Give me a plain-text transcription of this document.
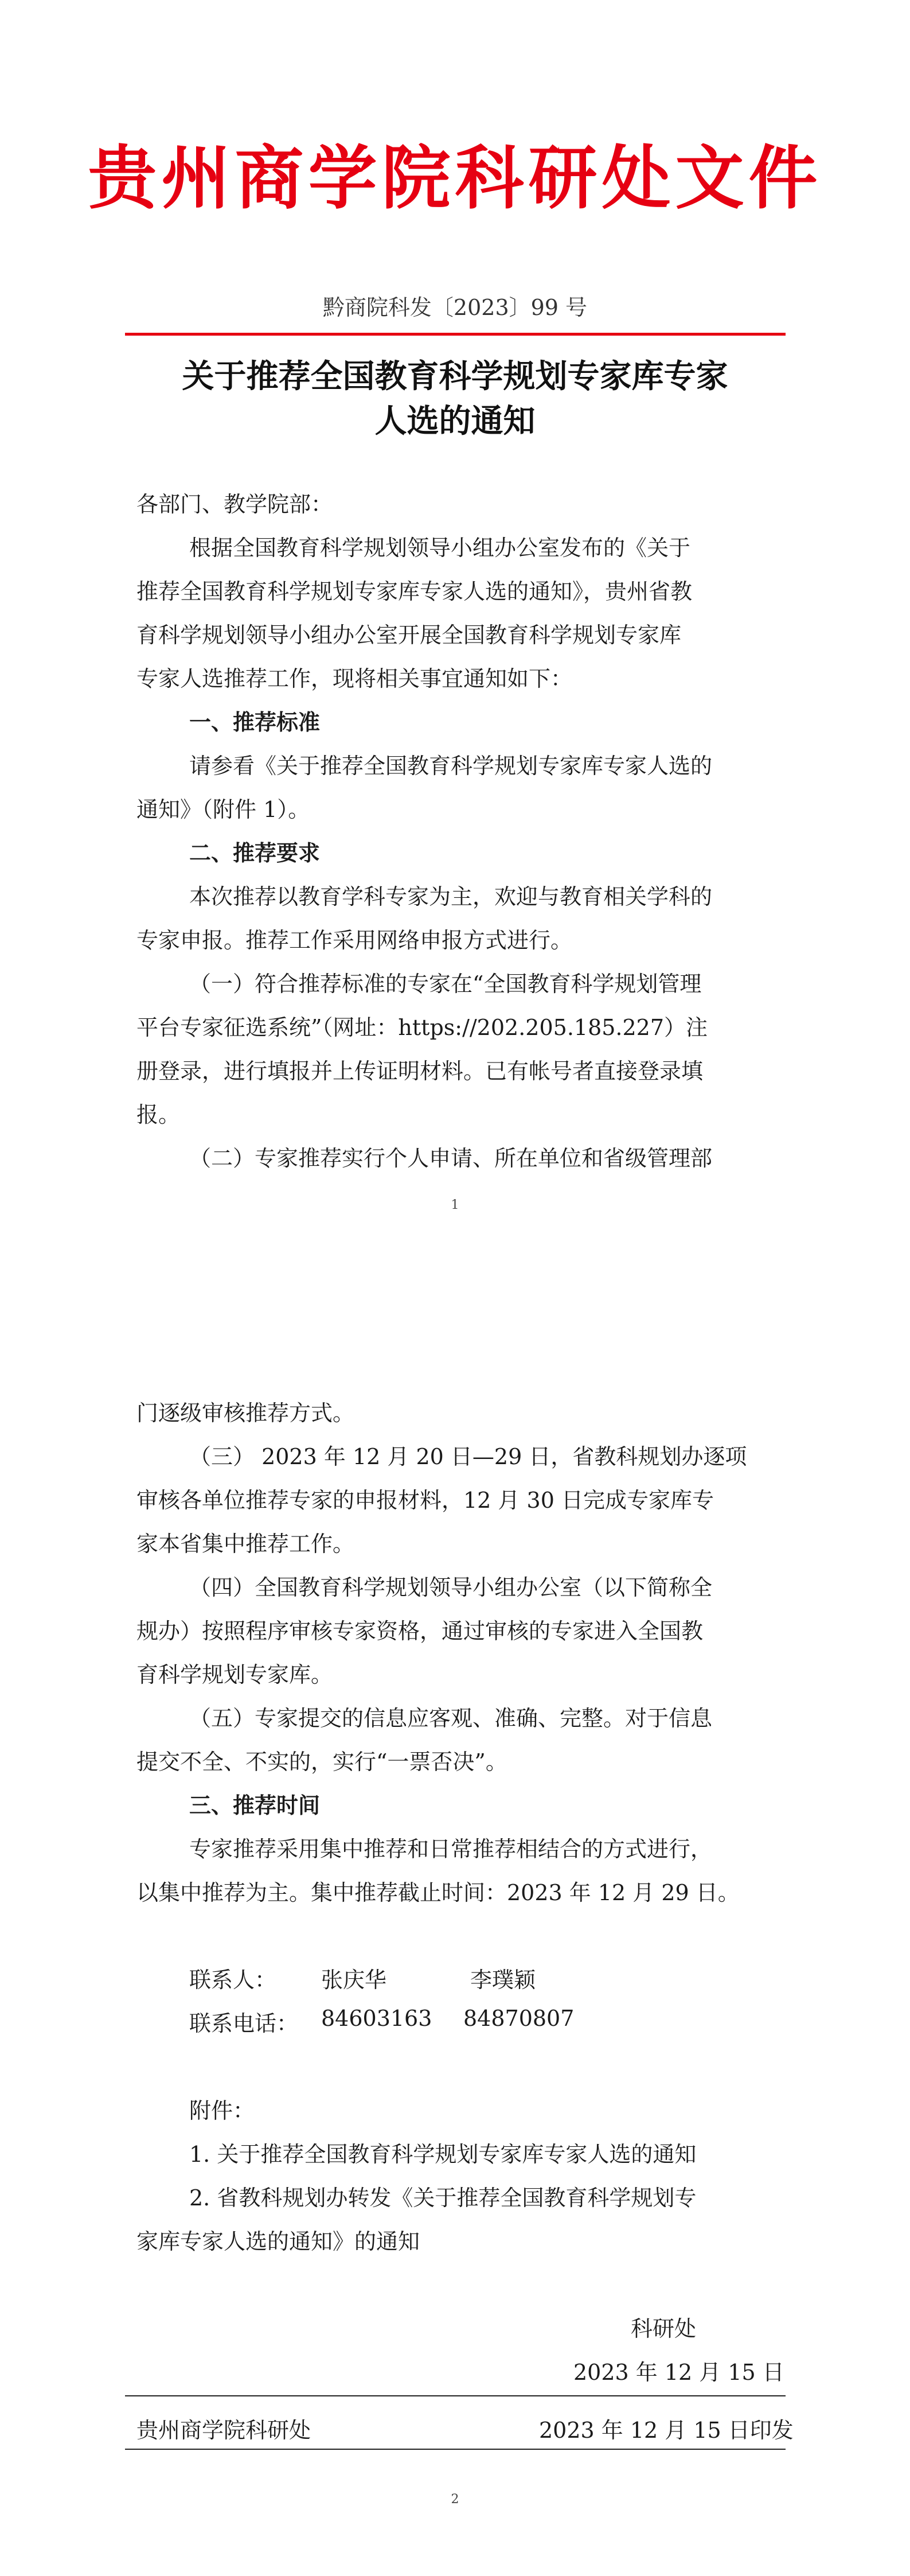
贵州商学院科研处文件
黔商院科发〔2023〕99 号
关于推荐全国教育科学规划专家库专家
人选的通知
各部门、教学院部：
根据全国教育科学规划领导小组办公室发布的《关于
推荐全国教育科学规划专家库专家人选的通知》，贵州省教
育科学规划领导小组办公室开展全国教育科学规划专家库
专家人选推荐工作，现将相关事宜通知如下：
一、推荐标准
请参看《关于推荐全国教育科学规划专家库专家人选的
通知》（附件 1）。
二、推荐要求
本次推荐以教育学科专家为主，欢迎与教育相关学科的
专家申报。推荐工作采用网络申报方式进行。
（一）符合推荐标准的专家在“全国教育科学规划管理
平台专家征选系统”（网址：https://202.205.185.227）注
册登录，进行填报并上传证明材料。已有帐号者直接登录填
报。
（二）专家推荐实行个人申请、所在单位和省级管理部
1
门逐级审核推荐方式。
（三） 2023 年 12 月 20 日—29 日，省教科规划办逐项
审核各单位推荐专家的申报材料，12 月 30 日完成专家库专
家本省集中推荐工作。
（四）全国教育科学规划领导小组办公室（以下简称全
规办）按照程序审核专家资格，通过审核的专家进入全国教
育科学规划专家库。
（五）专家提交的信息应客观、准确、完整。对于信息
提交不全、不实的，实行“一票否决”。
三、推荐时间
专家推荐采用集中推荐和日常推荐相结合的方式进行，
以集中推荐为主。集中推荐截止时间：2023 年 12 月 29 日。
联系人： 张庆华	李璞颖
联系电话： 84603163 84870807
附件：
1. 关于推荐全国教育科学规划专家库专家人选的通知
2. 省教科规划办转发《关于推荐全国教育科学规划专
家库专家人选的通知》的通知
科研处
2023 年 12 月 15 日
贵州商学院科研处	2023 年 12 月 15 日印发
2
